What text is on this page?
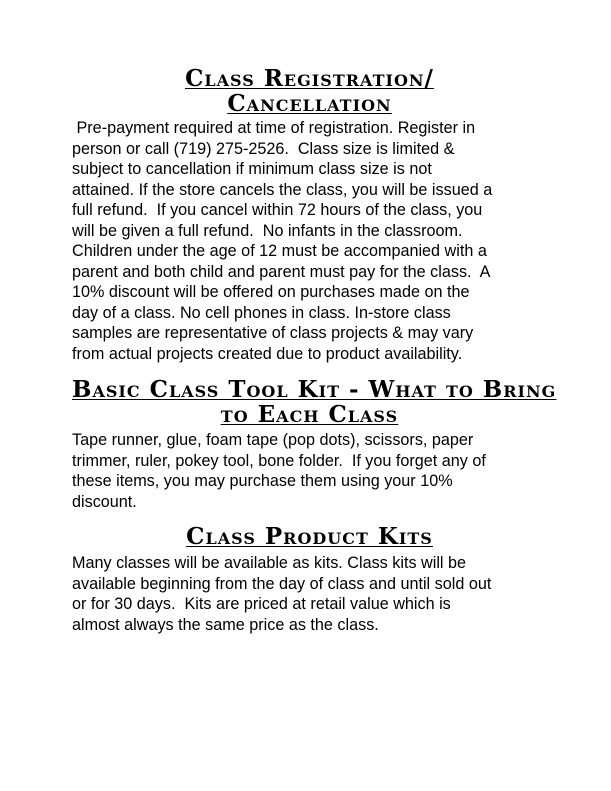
Class Registration/
Cancellation

Pre-payment required at time of registration. Register in
person or call (719) 275-2526.  Class size is limited &
subject to cancellation if minimum class size is not
attained. If the store cancels the class, you will be issued a
full refund.  If you cancel within 72 hours of the class, you
will be given a full refund.  No infants in the classroom.
Children under the age of 12 must be accompanied with a
parent and both child and parent must pay for the class.  A
10% discount will be offered on purchases made on the
day of a class. No cell phones in class. In-store class
samples are representative of class projects & may vary
from actual projects created due to product availability.

Basic Class Tool Kit - What to Bring
to Each Class

Tape runner, glue, foam tape (pop dots), scissors, paper
trimmer, ruler, pokey tool, bone folder.  If you forget any of
these items, you may purchase them using your 10%
discount.

Class Product Kits

Many classes will be available as kits. Class kits will be
available beginning from the day of class and until sold out
or for 30 days.  Kits are priced at retail value which is
almost always the same price as the class.
